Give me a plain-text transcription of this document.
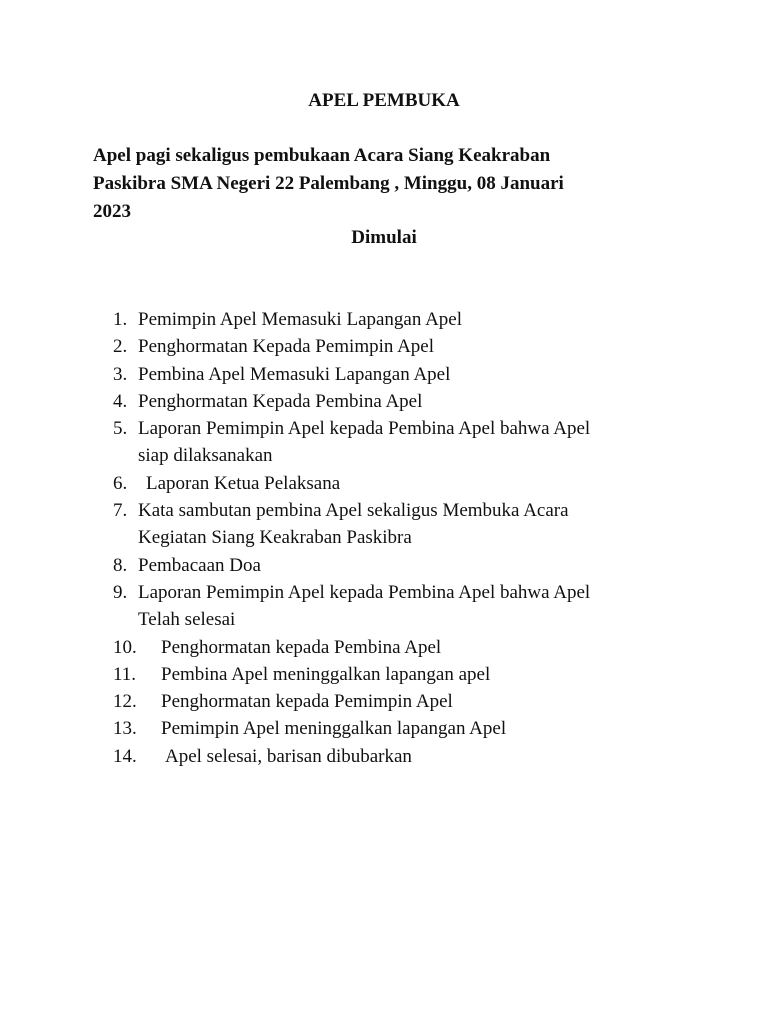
APEL PEMBUKA

Apel pagi sekaligus pembukaan Acara Siang Keakraban
Paskibra SMA Negeri 22 Palembang , Minggu, 08 Januari
2023

Dimulai

1. Pemimpin Apel Memasuki Lapangan Apel
2. Penghormatan Kepada Pemimpin Apel
3. Pembina Apel Memasuki Lapangan Apel
4. Penghormatan Kepada Pembina Apel
5. Laporan Pemimpin Apel kepada Pembina Apel bahwa Apel
siap dilaksanakan
6. Laporan Ketua Pelaksana
7. Kata sambutan pembina Apel sekaligus Membuka Acara
Kegiatan Siang Keakraban Paskibra
8. Pembacaan Doa
9. Laporan Pemimpin Apel kepada Pembina Apel bahwa Apel
Telah selesai
10. Penghormatan kepada Pembina Apel
11. Pembina Apel meninggalkan lapangan apel
12. Penghormatan kepada Pemimpin Apel
13. Pemimpin Apel meninggalkan lapangan Apel
14. Apel selesai, barisan dibubarkan
